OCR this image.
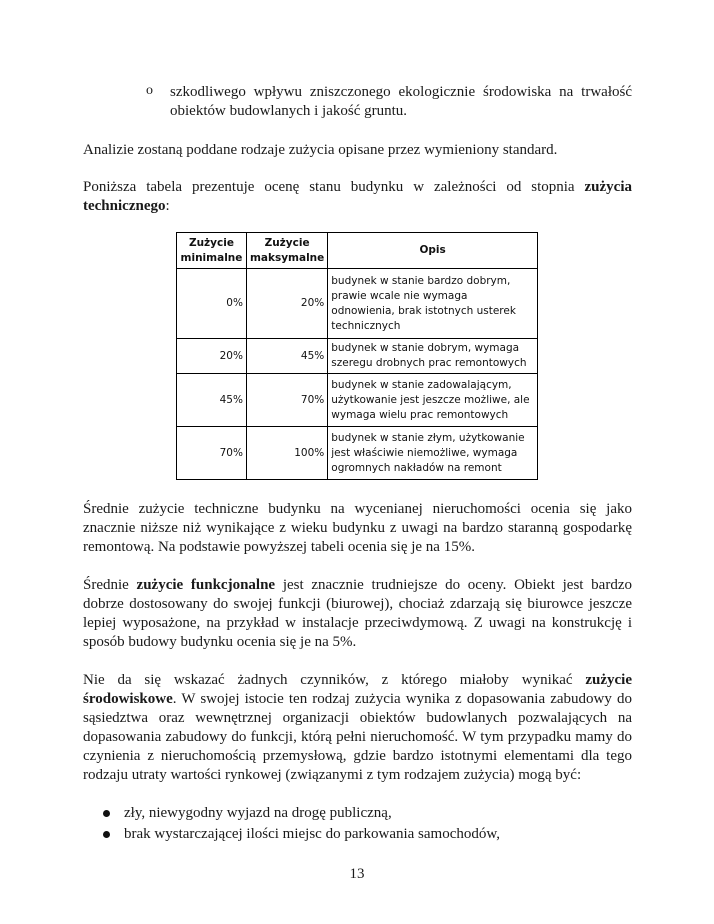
o szkodliwego wpływu zniszczonego ekologicznie środowiska na trwałość obiektów budowlanych i jakość gruntu.

Analizie zostaną poddane rodzaje zużycia opisane przez wymieniony standard.

Poniższa tabela prezentuje ocenę stanu budynku w zależności od stopnia zużycia technicznego:

Zużycie minimalne	Zużycie maksymalne	Opis
0%	20%	budynek w stanie bardzo dobrym, prawie wcale nie wymaga odnowienia, brak istotnych usterek technicznych
20%	45%	budynek w stanie dobrym, wymaga szeregu drobnych prac remontowych
45%	70%	budynek w stanie zadowalającym, użytkowanie jest jeszcze możliwe, ale wymaga wielu prac remontowych
70%	100%	budynek w stanie złym, użytkowanie jest właściwie niemożliwe, wymaga ogromnych nakładów na remont

Średnie zużycie techniczne budynku na wycenianej nieruchomości ocenia się jako znacznie niższe niż wynikające z wieku budynku z uwagi na bardzo staranną gospodarkę remontową. Na podstawie powyższej tabeli ocenia się je na 15%.

Średnie zużycie funkcjonalne jest znacznie trudniejsze do oceny. Obiekt jest bardzo dobrze dostosowany do swojej funkcji (biurowej), chociaż zdarzają się biurowce jeszcze lepiej wyposażone, na przykład w instalacje przeciwdymową. Z uwagi na konstrukcję i sposób budowy budynku ocenia się je na 5%.

Nie da się wskazać żadnych czynników, z którego miałoby wynikać zużycie środowiskowe. W swojej istocie ten rodzaj zużycia wynika z dopasowania zabudowy do sąsiedztwa oraz wewnętrznej organizacji obiektów budowlanych pozwalających na dopasowania zabudowy do funkcji, którą pełni nieruchomość. W tym przypadku mamy do czynienia z nieruchomością przemysłową, gdzie bardzo istotnymi elementami dla tego rodzaju utraty wartości rynkowej (związanymi z tym rodzajem zużycia) mogą być:

zły, niewygodny wyjazd na drogę publiczną,
brak wystarczającej ilości miejsc do parkowania samochodów,
13
